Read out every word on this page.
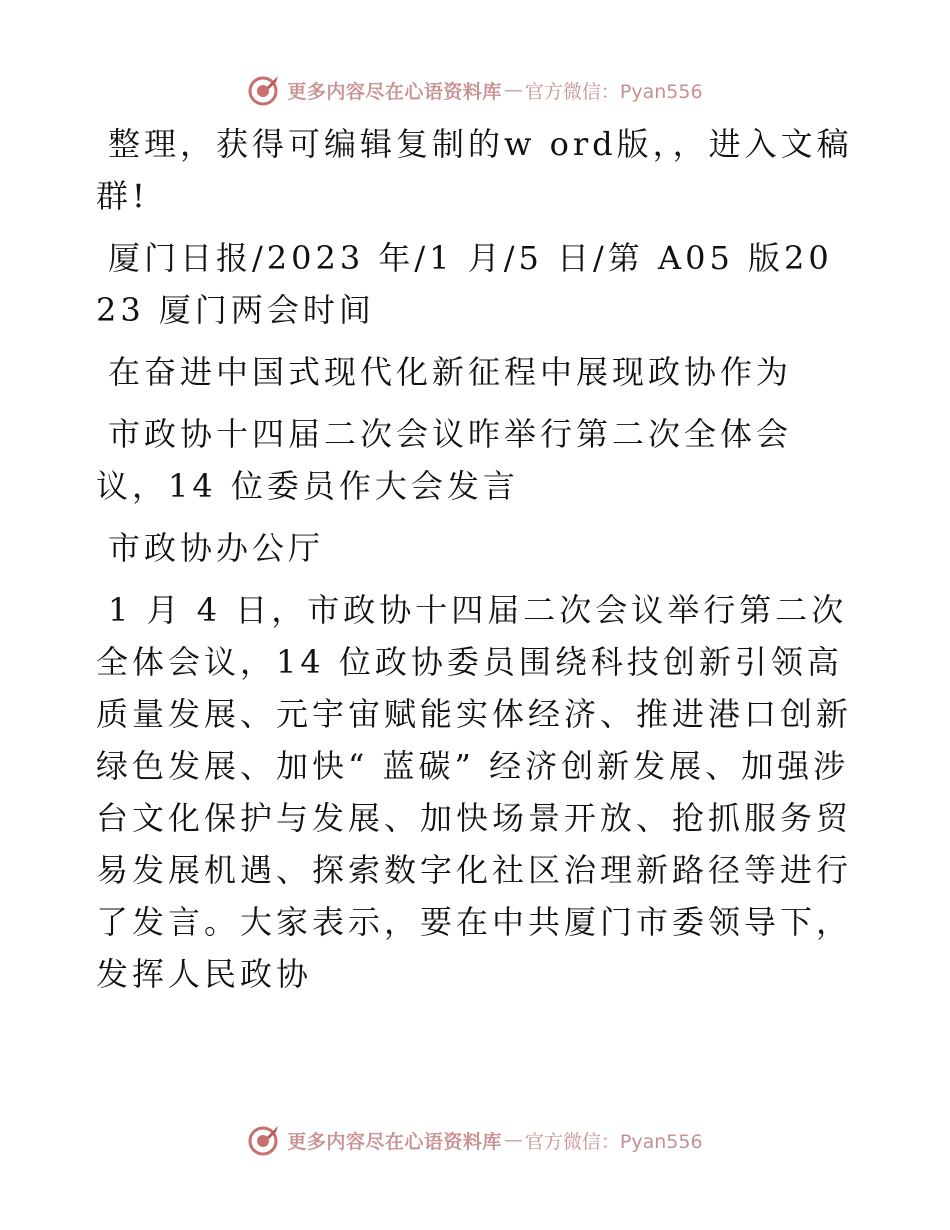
更多内容尽在心语资料库 — 官方微信：Pyan556

整理，获得可编辑复制的w ord版，，进入文稿群!

厦门日报/2023 年/1 月/5 日/第 A05 版2023 厦门两会时间

在奋进中国式现代化新征程中展现政协作为

市政协十四届二次会议昨举行第二次全体会议，14 位委员作大会发言

市政协办公厅

1 月 4 日，市政协十四届二次会议举行第二次全体会议，14 位政协委员围绕科技创新引领高质量发展、元宇宙赋能实体经济、推进港口创新绿色发展、加快“ 蓝碳” 经济创新发展、加强涉台文化保护与发展、加快场景开放、抢抓服务贸易发展机遇、探索数字化社区治理新路径等进行了发言。大家表示，要在中共厦门市委领导下，发挥人民政协

更多内容尽在心语资料库 — 官方微信：Pyan556
